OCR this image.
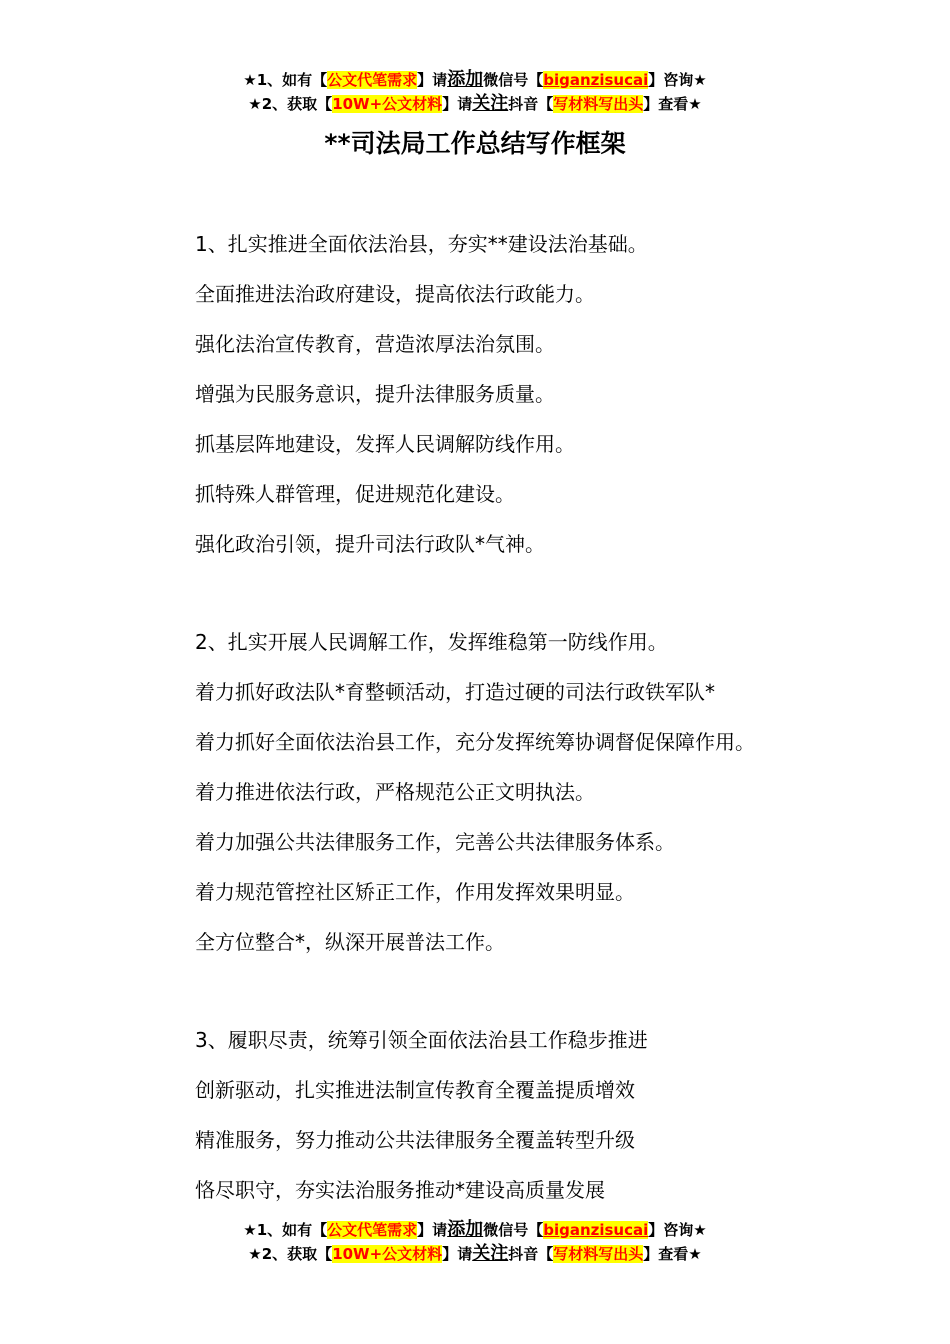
★1、如有【公文代笔需求】请添加微信号【biganzisucai】咨询★
★2、获取【10W+公文材料】请关注抖音【写材料写出头】查看★
**司法局工作总结写作框架

1、扎实推进全面依法治县，夯实**建设法治基础。

全面推进法治政府建设，提高依法行政能力。

强化法治宣传教育，营造浓厚法治氛围。

增强为民服务意识，提升法律服务质量。

抓基层阵地建设，发挥人民调解防线作用。

抓特殊人群管理，促进规范化建设。

强化政治引领，提升司法行政队*气神。

2、扎实开展人民调解工作，发挥维稳第一防线作用。

着力抓好政法队*育整顿活动，打造过硬的司法行政铁军队*

着力抓好全面依法治县工作，充分发挥统筹协调督促保障作用。

着力推进依法行政，严格规范公正文明执法。

着力加强公共法律服务工作，完善公共法律服务体系。

着力规范管控社区矫正工作，作用发挥效果明显。

全方位整合*，纵深开展普法工作。

3、履职尽责，统筹引领全面依法治县工作稳步推进

创新驱动，扎实推进法制宣传教育全覆盖提质增效

精准服务，努力推动公共法律服务全覆盖转型升级

恪尽职守，夯实法治服务推动*建设高质量发展

★1、如有【公文代笔需求】请添加微信号【biganzisucai】咨询★
★2、获取【10W+公文材料】请关注抖音【写材料写出头】查看★
